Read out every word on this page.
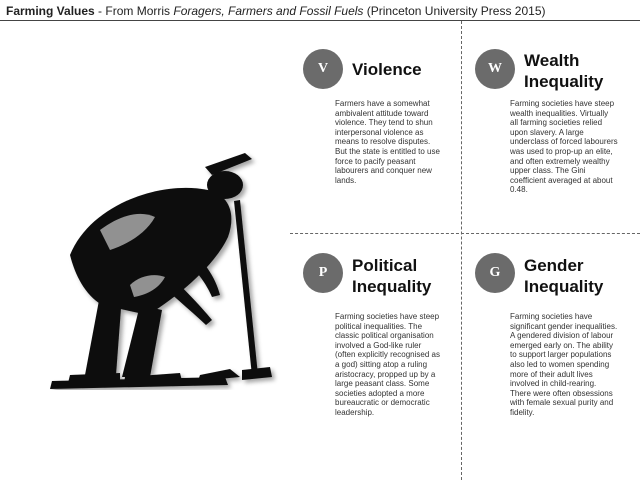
Farming Values - From Morris Foragers, Farmers and Fossil Fuels (Princeton University Press 2015)
V Violence
Farmers have a somewhat ambivalent attitude toward violence. They tend to shun interpersonal violence as means to resolve disputes. But the state is entitled to use force to pacify peasant labourers and conquer new lands.
W Wealth
Inequality
Farming societies have steep wealth inequalities. Virtually all farming societies relied upon slavery. A large underclass of forced labourers was used to prop-up an elite, and often extremely wealthy upper class. The Gini coefficient averaged at about 0.48.
P Political
Inequality
Farming societies have steep political inequalities. The classic political organisation involved a God-like ruler (often explicitly recognised as a god) sitting atop a ruling aristocracy, propped up by a large peasant class. Some societies adopted a more bureaucratic or democratic leadership.
G Gender
Inequality
Farming societies have significant gender inequalities. A gendered division of labour emerged early on. The ability to support larger populations also led to women spending more of their adult lives involved in child-rearing. There were often obsessions with female sexual purity and fidelity.
